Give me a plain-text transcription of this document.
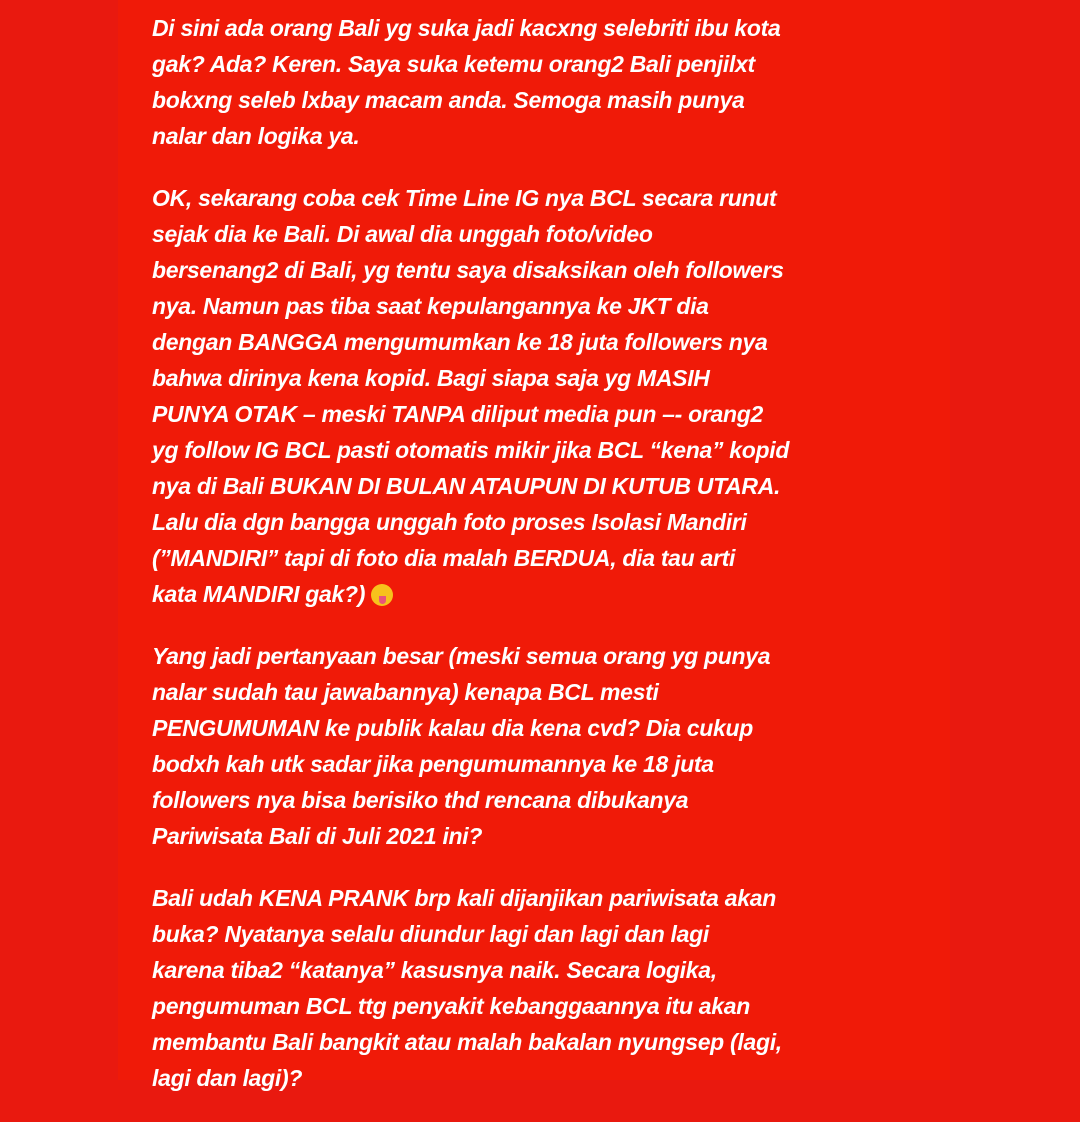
Di sini ada orang Bali yg suka jadi kacxng selebriti ibu kota
gak? Ada? Keren. Saya suka ketemu orang2 Bali penjilxt
bokxng seleb lxbay macam anda. Semoga masih punya
nalar dan logika ya.
OK, sekarang coba cek Time Line IG nya BCL secara runut
sejak dia ke Bali. Di awal dia unggah foto/video
bersenang2 di Bali, yg tentu saya disaksikan oleh followers
nya. Namun pas tiba saat kepulangannya ke JKT dia
dengan BANGGA mengumumkan ke 18 juta followers nya
bahwa dirinya kena kopid. Bagi siapa saja yg MASIH
PUNYA OTAK – meski TANPA diliput media pun –- orang2
yg follow IG BCL pasti otomatis mikir jika BCL “kena” kopid
nya di Bali BUKAN DI BULAN ATAUPUN DI KUTUB UTARA.
Lalu dia dgn bangga unggah foto proses Isolasi Mandiri
(”MANDIRI” tapi di foto dia malah BERDUA, dia tau arti
kata MANDIRI gak?)
Yang jadi pertanyaan besar (meski semua orang yg punya
nalar sudah tau jawabannya) kenapa BCL mesti
PENGUMUMAN ke publik kalau dia kena cvd? Dia cukup
bodxh kah utk sadar jika pengumumannya ke 18 juta
followers nya bisa berisiko thd rencana dibukanya
Pariwisata Bali di Juli 2021 ini?
Bali udah KENA PRANK brp kali dijanjikan pariwisata akan
buka? Nyatanya selalu diundur lagi dan lagi dan lagi
karena tiba2 “katanya” kasusnya naik. Secara logika,
pengumuman BCL ttg penyakit kebanggaannya itu akan
membantu Bali bangkit atau malah bakalan nyungsep (lagi,
lagi dan lagi)?
